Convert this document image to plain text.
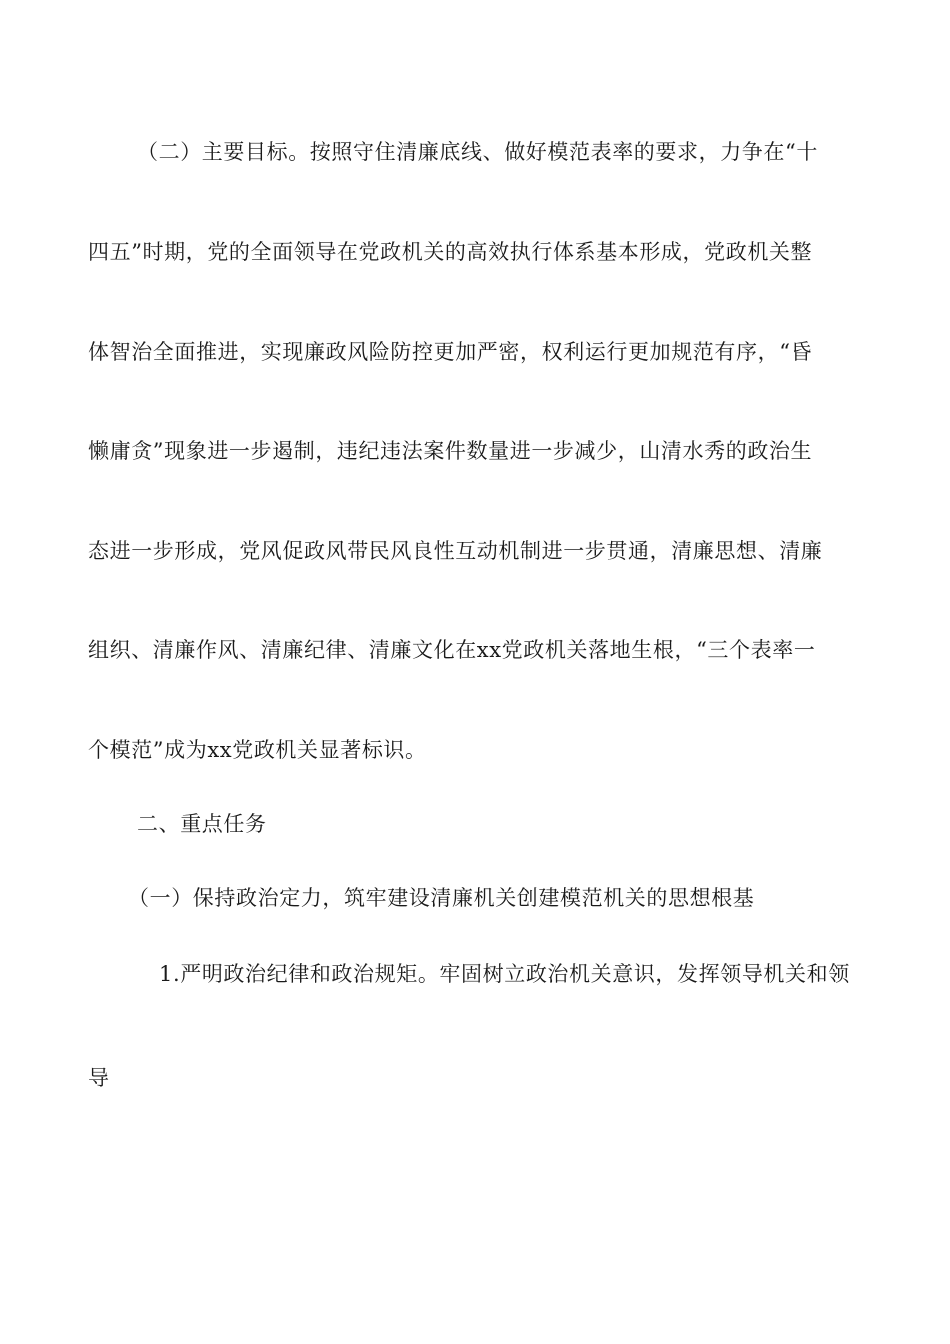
（二）主要目标。按照守住清廉底线、做好模范表率的要求，力争在“十
四五”时期，党的全面领导在党政机关的高效执行体系基本形成，党政机关整
体智治全面推进，实现廉政风险防控更加严密，权利运行更加规范有序，“昏
懒庸贪”现象进一步遏制，违纪违法案件数量进一步减少，山清水秀的政治生
态进一步形成，党风促政风带民风良性互动机制进一步贯通，清廉思想、清廉
组织、清廉作风、清廉纪律、清廉文化在xx党政机关落地生根，“三个表率一
个模范”成为xx党政机关显著标识。
二、重点任务
（一）保持政治定力，筑牢建设清廉机关创建模范机关的思想根基
1.严明政治纪律和政治规矩。牢固树立政治机关意识，发挥领导机关和领
导
